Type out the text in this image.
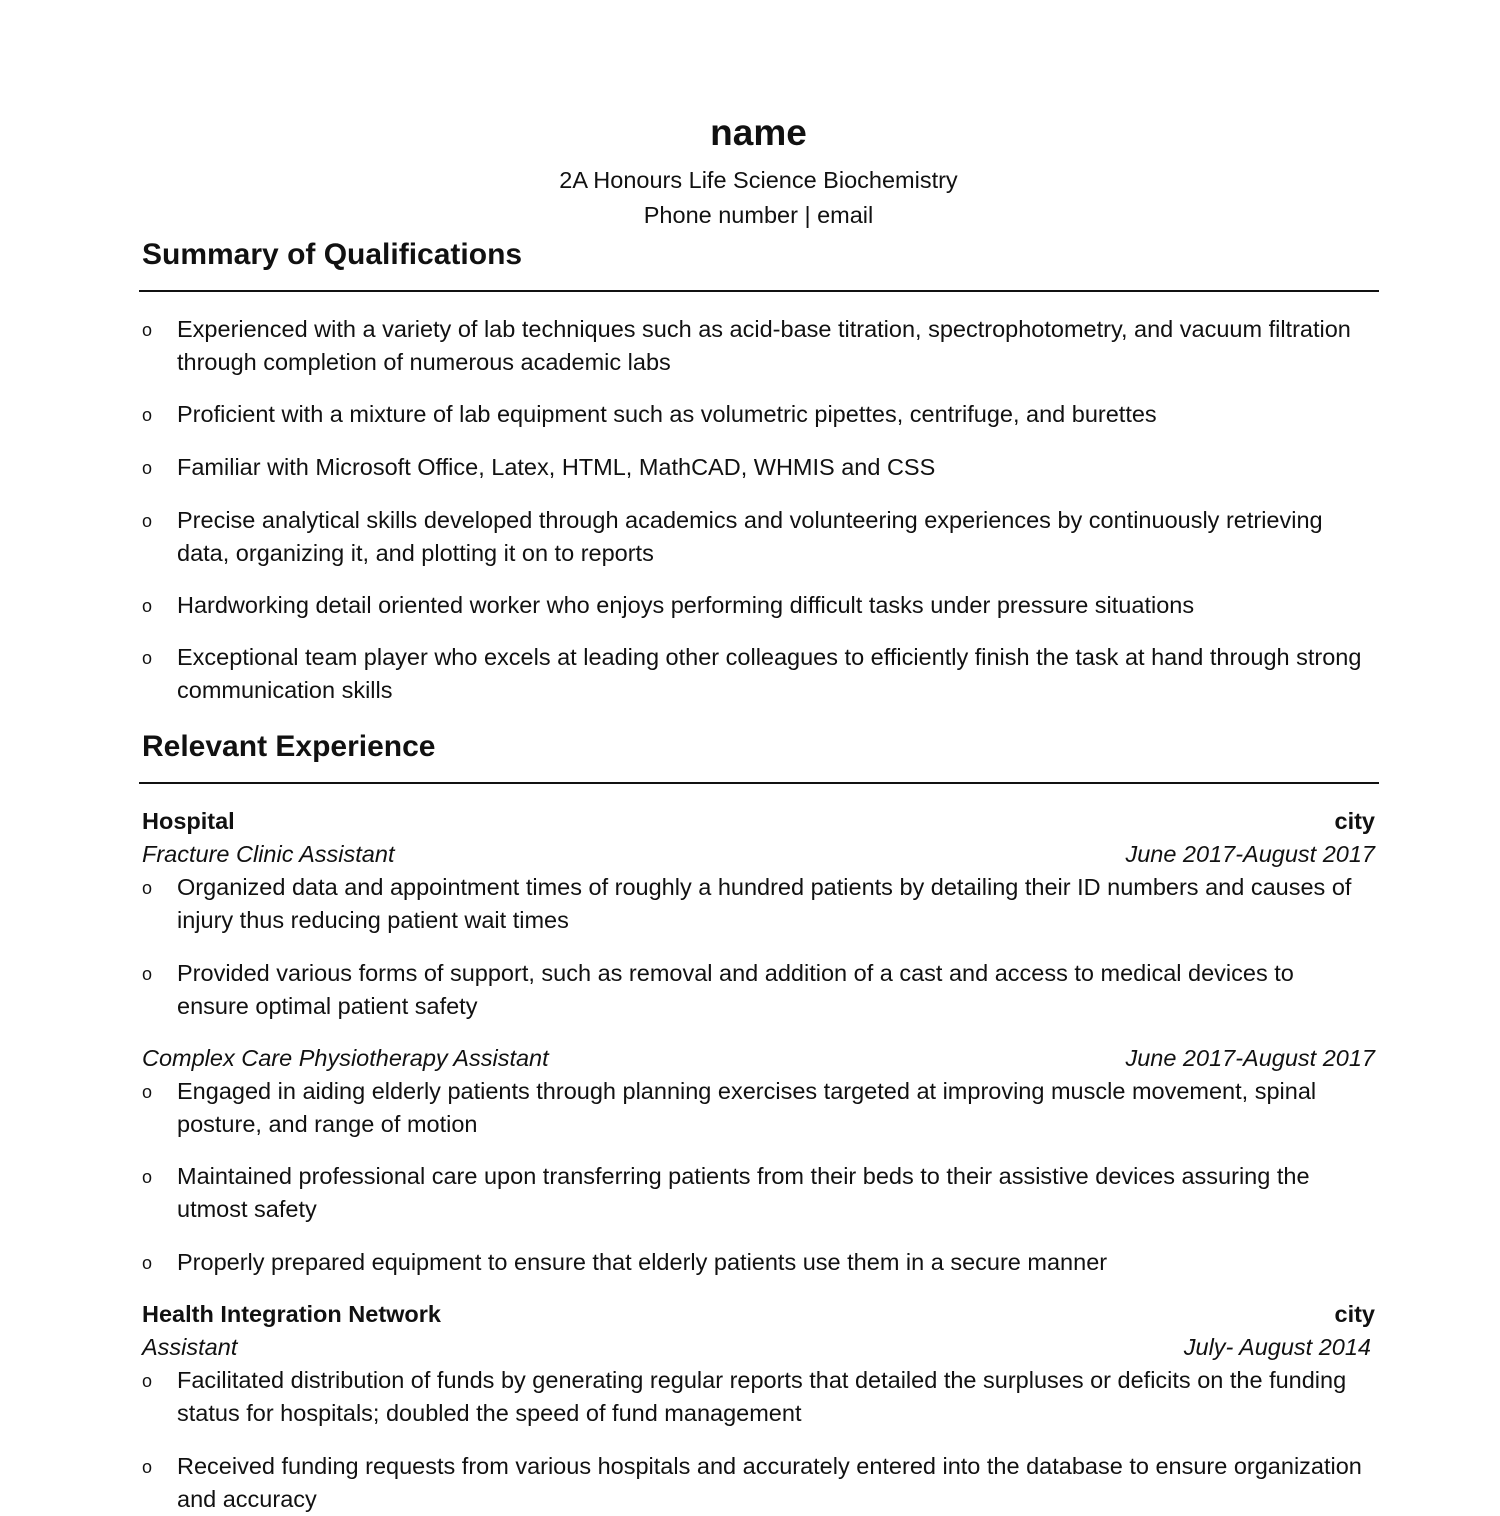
name
2A Honours Life Science Biochemistry
Phone number | email
Summary of Qualifications
o	Experienced with a variety of lab techniques such as acid-base titration, spectrophotometry, and vacuum filtration through completion of numerous academic labs
o	Proficient with a mixture of lab equipment such as volumetric pipettes, centrifuge, and burettes
o	Familiar with Microsoft Office, Latex, HTML, MathCAD, WHMIS and CSS
o	Precise analytical skills developed through academics and volunteering experiences by continuously retrieving data, organizing it, and plotting it on to reports
o	Hardworking detail oriented worker who enjoys performing difficult tasks under pressure situations
o	Exceptional team player who excels at leading other colleagues to efficiently finish the task at hand through strong communication skills
Relevant Experience
Hospital	city
Fracture Clinic Assistant	June 2017-August 2017
o	Organized data and appointment times of roughly a hundred patients by detailing their ID numbers and causes of injury thus reducing patient wait times
o	Provided various forms of support, such as removal and addition of a cast and access to medical devices to ensure optimal patient safety
Complex Care Physiotherapy Assistant	June 2017-August 2017
o	Engaged in aiding elderly patients through planning exercises targeted at improving muscle movement, spinal posture, and range of motion
o	Maintained professional care upon transferring patients from their beds to their assistive devices assuring the utmost safety
o	Properly prepared equipment to ensure that elderly patients use them in a secure manner
Health Integration Network	city
Assistant	July- August 2014
o	Facilitated distribution of funds by generating regular reports that detailed the surpluses or deficits on the funding status for hospitals; doubled the speed of fund management
o	Received funding requests from various hospitals and accurately entered into the database to ensure organization and accuracy
